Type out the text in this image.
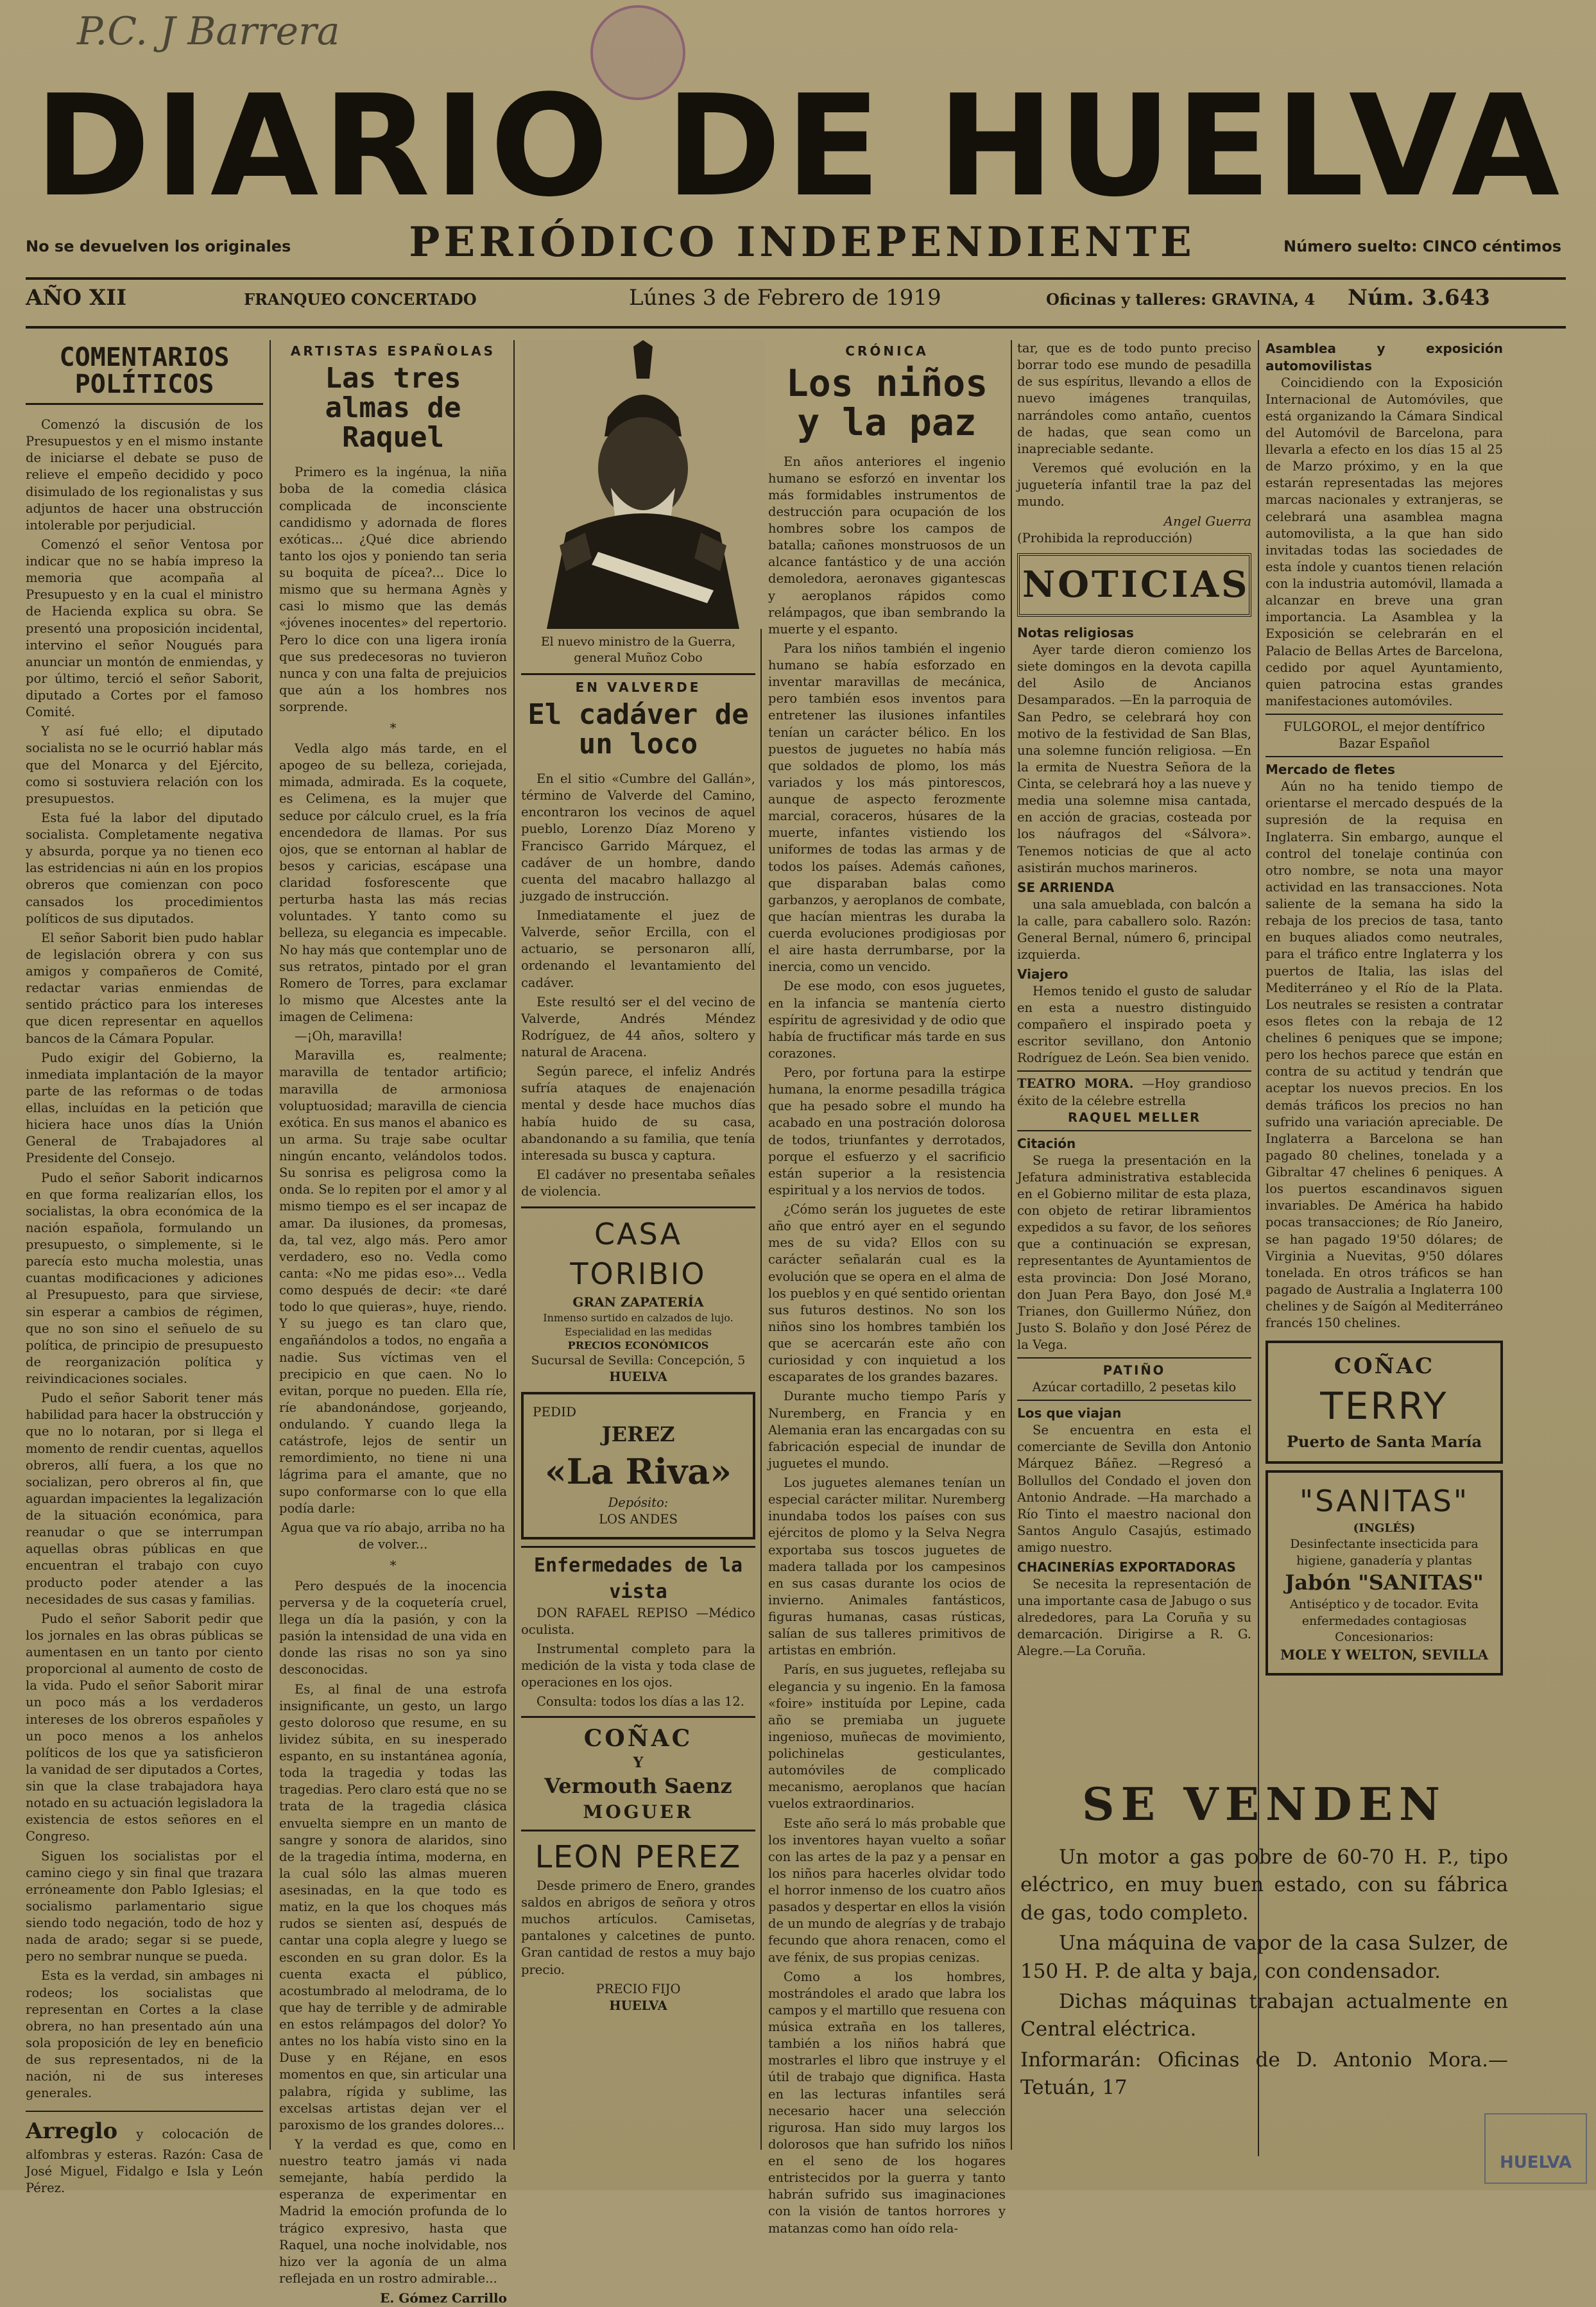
P.C. J Barrera
DIARIO DE HUELVA
No se devuelven los originales	PERIÓDICO INDEPENDIENTE	Número suelto: CINCO céntimos
AÑO XII	FRANQUEO CONCERTADO	Lúnes 3 de Febrero de 1919	Oficinas y talleres: GRAVINA, 4 Núm. 3.643
COMENTARIOS POLÍTICOS

Comenzó la discusión de los Presupuestos y en el mismo instante de iniciarse el debate se puso de relieve el empeño decidido y poco disimulado de los regionalistas y sus adjuntos de hacer una obstrucción intolerable por perjudicial.

Comenzó el señor Ventosa por indicar que no se había impreso la memoria que acompaña al Presupuesto y en la cual el ministro de Hacienda explica su obra. Se presentó una proposición incidental, intervino el señor Nougués para anunciar un montón de enmiendas, y por último, terció el señor Saborit, diputado a Cortes por el famoso Comité.

Y así fué ello; el diputado socialista no se le ocurrió hablar más que del Monarca y del Ejército, como si sostuviera relación con los presupuestos.

Esta fué la labor del diputado socialista. Completamente negativa y absurda, porque ya no tienen eco las estridencias ni aún en los propios obreros que comienzan con poco cansados los procedimientos políticos de sus diputados.

El señor Saborit bien pudo hablar de legislación obrera y con sus amigos y compañeros de Comité, redactar varias enmiendas de sentido práctico para los intereses que dicen representar en aquellos bancos de la Cámara Popular.

Pudo exigir del Gobierno, la inmediata implantación de la mayor parte de las reformas o de todas ellas, incluídas en la petición que hiciera hace unos días la Unión General de Trabajadores al Presidente del Consejo.

Pudo el señor Saborit indicarnos en que forma realizarían ellos, los socialistas, la obra económica de la nación española, formulando un presupuesto, o simplemente, si le parecía esto mucha molestia, unas cuantas modificaciones y adiciones al Presupuesto, para que sirviese, sin esperar a cambios de régimen, que no son sino el señuelo de su política, de principio de presupuesto de reorganización política y reivindicaciones sociales.

Pudo el señor Saborit tener más habilidad para hacer la obstrucción y que no lo notaran, por si llega el momento de rendir cuentas, aquellos obreros, allí fuera, a los que no socializan, pero obreros al fin, que aguardan impacientes la legalización de la situación económica, para reanudar o que se interrumpan aquellas obras públicas en que encuentran el trabajo con cuyo producto poder atender a las necesidades de sus casas y familias.

Pudo el señor Saborit pedir que los jornales en las obras públicas se aumentasen en un tanto por ciento proporcional al aumento de costo de la vida. Pudo el señor Saborit mirar un poco más a los verdaderos intereses de los obreros españoles y un poco menos a los anhelos políticos de los que ya satisficieron la vanidad de ser diputados a Cortes, sin que la clase trabajadora haya notado en su actuación legisladora la existencia de estos señores en el Congreso.

Siguen los socialistas por el camino ciego y sin final que trazara erróneamente don Pablo Iglesias; el socialismo parlamentario sigue siendo todo negación, todo de hoz y nada de arado; segar si se puede, pero no sembrar nunque se pueda.

Esta es la verdad, sin ambages ni rodeos; los socialistas que representan en Cortes a la clase obrera, no han presentado aún una sola proposición de ley en beneficio de sus representados, ni de la nación, ni de sus intereses generales.

Arreglo y colocación de alfombras y esteras. Razón: Casa de José Miguel, Fidalgo e Isla y León Pérez.
ARTISTAS ESPAÑOLAS
Las tres almas de Raquel

Primero es la ingénua, la niña boba de la comedia clásica complicada de inconsciente candidismo y adornada de flores exóticas... ¿Qué dice abriendo tanto los ojos y poniendo tan seria su boquita de pícea?... Dice lo mismo que su hermana Agnès y casi lo mismo que las demás «jóvenes inocentes» del repertorio. Pero lo dice con una ligera ironía que sus predecesoras no tuvieron nunca y con una falta de prejuicios que aún a los hombres nos sorprende.

*

Vedla algo más tarde, en el apogeo de su belleza, coriejada, mimada, admirada. Es la coquete, es Celimena, es la mujer que seduce por cálculo cruel, es la fría encendedora de llamas. Por sus ojos, que se entornan al hablar de besos y caricias, escápase una claridad fosforescente que perturba hasta las más recias voluntades. Y tanto como su belleza, su elegancia es impecable. No hay más que contemplar uno de sus retratos, pintado por el gran Romero de Torres, para exclamar lo mismo que Alcestes ante la imagen de Celimena:

—¡Oh, maravilla!

Maravilla es, realmente; maravilla de tentador artificio; maravilla de armoniosa voluptuosidad; maravilla de ciencia exótica. En sus manos el abanico es un arma. Su traje sabe ocultar ningún encanto, velándolos todos. Su sonrisa es peligrosa como la onda. Se lo repiten por el amor y al mismo tiempo es el ser incapaz de amar. Da ilusiones, da promesas, da, tal vez, algo más. Pero amor verdadero, eso no. Vedla como canta: «No me pidas eso»... Vedla como después de decir: «te daré todo lo que quieras», huye, riendo. Y su juego es tan claro que, engañándolos a todos, no engaña a nadie. Sus víctimas ven el precipicio en que caen. No lo evitan, porque no pueden. Ella ríe, ríe abandonándose, gorjeando, ondulando. Y cuando llega la catástrofe, lejos de sentir un remordimiento, no tiene ni una lágrima para el amante, que no supo conformarse con lo que ella podía darle:

Agua que va río abajo, arriba no ha de volver...

*

Pero después de la inocencia perversa y de la coquetería cruel, llega un día la pasión, y con la pasión la intensidad de una vida en donde las risas no son ya sino desconocidas.

Es, al final de una estrofa insignificante, un gesto, un largo gesto doloroso que resume, en su lividez súbita, en su inesperado espanto, en su instantánea agonía, toda la tragedia y todas las tragedias. Pero claro está que no se trata de la tragedia clásica envuelta siempre en un manto de sangre y sonora de alaridos, sino de la tragedia íntima, moderna, en la cual sólo las almas mueren asesinadas, en la que todo es matiz, en la que los choques más rudos se sienten así, después de cantar una copla alegre y luego se esconden en su gran dolor. Es la cuenta exacta el público, acostumbrado al melodrama, de lo que hay de terrible y de admirable en estos relámpagos del dolor? Yo antes no los había visto sino en la Duse y en Réjane, en esos momentos en que, sin articular una palabra, rígida y sublime, las excelsas artistas dejan ver el paroxismo de los grandes dolores...

Y la verdad es que, como en nuestro teatro jamás vi nada semejante, había perdido la esperanza de experimentar en Madrid la emoción profunda de lo trágico expresivo, hasta que Raquel, una noche inolvidable, nos hizo ver la agonía de un alma reflejada en un rostro admirable...

E. Gómez Carrillo
El nuevo ministro de la Guerra, general Muñoz Cobo
EN VALVERDE
El cadáver de un loco

En el sitio «Cumbre del Gallán», término de Valverde del Camino, encontraron los vecinos de aquel pueblo, Lorenzo Díaz Moreno y Francisco Garrido Márquez, el cadáver de un hombre, dando cuenta del macabro hallazgo al juzgado de instrucción.

Inmediatamente el juez de Valverde, señor Ercilla, con el actuario, se personaron allí, ordenando el levantamiento del cadáver.

Este resultó ser el del vecino de Valverde, Andrés Méndez Rodríguez, de 44 años, soltero y natural de Aracena.

Según parece, el infeliz Andrés sufría ataques de enajenación mental y desde hace muchos días había huido de su casa, abandonando a su familia, que tenía interesada su busca y captura.

El cadáver no presentaba señales de violencia.

CASA TORIBIO
GRAN ZAPATERÍA
Inmenso surtido en calzados de lujo. Especialidad en las medidas
PRECIOS ECONÓMICOS
Sucursal de Sevilla: Concepción, 5
HUELVA
PEDID
JEREZ
«La Riva»
Depósito:
LOS ANDES
Enfermedades de la vista

DON RAFAEL REPISO —Médico oculista.

Instrumental completo para la medición de la vista y toda clase de operaciones en los ojos.

Consulta: todos los días a las 12.

COÑAC
Y
Vermouth Saenz
MOGUER
LEON PEREZ

Desde primero de Enero, grandes saldos en abrigos de señora y otros muchos artículos. Camisetas, pantalones y calcetines de punto. Gran cantidad de restos a muy bajo precio.

PRECIO FIJO
HUELVA
CRÓNICA
Los niños y la paz

En años anteriores el ingenio humano se esforzó en inventar los más formidables instrumentos de destrucción para ocupación de los hombres sobre los campos de batalla; cañones monstruosos de un alcance fantástico y de una acción demoledora, aeronaves gigantescas y aeroplanos rápidos como relámpagos, que iban sembrando la muerte y el espanto.

Para los niños también el ingenio humano se había esforzado en inventar maravillas de mecánica, pero también esos inventos para entretener las ilusiones infantiles tenían un carácter bélico. En los puestos de juguetes no había más que soldados de plomo, los más variados y los más pintorescos, aunque de aspecto ferozmente marcial, coraceros, húsares de la muerte, infantes vistiendo los uniformes de todas las armas y de todos los países. Además cañones, que disparaban balas como garbanzos, y aeroplanos de combate, que hacían mientras les duraba la cuerda evoluciones prodigiosas por el aire hasta derrumbarse, por la inercia, como un vencido.

De ese modo, con esos juguetes, en la infancia se mantenía cierto espíritu de agresividad y de odio que había de fructificar más tarde en sus corazones.

Pero, por fortuna para la estirpe humana, la enorme pesadilla trágica que ha pesado sobre el mundo ha acabado en una postración dolorosa de todos, triunfantes y derrotados, porque el esfuerzo y el sacrificio están superior a la resistencia espiritual y a los nervios de todos.

¿Cómo serán los juguetes de este año que entró ayer en el segundo mes de su vida? Ellos con su carácter señalarán cual es la evolución que se opera en el alma de los pueblos y en qué sentido orientan sus futuros destinos. No son los niños sino los hombres también los que se acercarán este año con curiosidad y con inquietud a los escaparates de los grandes bazares.

Durante mucho tiempo París y Nuremberg, en Francia y en Alemania eran las encargadas con su fabricación especial de inundar de juguetes el mundo.

Los juguetes alemanes tenían un especial carácter militar. Nuremberg inundaba todos los países con sus ejércitos de plomo y la Selva Negra exportaba sus toscos juguetes de madera tallada por los campesinos en sus casas durante los ocios de invierno. Animales fantásticos, figuras humanas, casas rústicas, salían de sus talleres primitivos de artistas en embrión.

París, en sus juguetes, reflejaba su elegancia y su ingenio. En la famosa «foire» instituída por Lepine, cada año se premiaba un juguete ingenioso, muñecas de movimiento, polichinelas gesticulantes, automóviles de complicado mecanismo, aeroplanos que hacían vuelos extraordinarios.

Este año será lo más probable que los inventores hayan vuelto a soñar con las artes de la paz y a pensar en los niños para hacerles olvidar todo el horror inmenso de los cuatro años pasados y despertar en ellos la visión de un mundo de alegrías y de trabajo fecundo que ahora renacen, como el ave fénix, de sus propias cenizas.

Como a los hombres, mostrándoles el arado que labra los campos y el martillo que resuena con música extraña en los talleres, también a los niños habrá que mostrarles el libro que instruye y el útil de trabajo que dignifica. Hasta en las lecturas infantiles será necesario hacer una selección rigurosa. Han sido muy largos los dolorosos que han sufrido los niños en el seno de los hogares entristecidos por la guerra y tanto habrán sufrido sus imaginaciones con la visión de tantos horrores y matanzas como han oído rela-

tar, que es de todo punto preciso borrar todo ese mundo de pesadilla de sus espíritus, llevando a ellos de nuevo imágenes tranquilas, narrándoles como antaño, cuentos de hadas, que sean como un inapreciable sedante.

Veremos qué evolución en la juguetería infantil trae la paz del mundo.

Angel Guerra
(Prohibida la reproducción)
NOTICIAS
Notas religiosas

Ayer tarde dieron comienzo los siete domingos en la devota capilla del Asilo de Ancianos Desamparados. —En la parroquia de San Pedro, se celebrará hoy con motivo de la festividad de San Blas, una solemne función religiosa. —En la ermita de Nuestra Señora de la Cinta, se celebrará hoy a las nueve y media una solemne misa cantada, en acción de gracias, costeada por los náufragos del «Sálvora». Tenemos noticias de que al acto asistirán muchos marineros.

SE ARRIENDA

una sala amueblada, con balcón a la calle, para caballero solo. Razón: General Bernal, número 6, principal izquierda.

Viajero

Hemos tenido el gusto de saludar en esta a nuestro distinguido compañero el inspirado poeta y escritor sevillano, don Antonio Rodríguez de León. Sea bien venido.

TEATRO MORA. —Hoy grandioso éxito de la célebre estrella
RAQUEL MELLER
Citación

Se ruega la presentación en la Jefatura administrativa establecida en el Gobierno militar de esta plaza, con objeto de retirar libramientos expedidos a su favor, de los señores que a continuación se expresan, representantes de Ayuntamientos de esta provincia: Don José Morano, don Juan Pera Bayo, don José M.ª Trianes, don Guillermo Núñez, don Justo S. Bolaño y don José Pérez de la Vega.

PATIÑO
Azúcar cortadillo, 2 pesetas kilo
Los que viajan

Se encuentra en esta el comerciante de Sevilla don Antonio Márquez Báñez. —Regresó a Bollullos del Condado el joven don Antonio Andrade. —Ha marchado a Río Tinto el maestro nacional don Santos Angulo Casajús, estimado amigo nuestro.

CHACINERÍAS EXPORTADORAS

Se necesita la representación de una importante casa de Jabugo o sus alrededores, para La Coruña y su demarcación. Dirigirse a R. G. Alegre.—La Coruña.

Asamblea y exposición automovilistas

Coincidiendo con la Exposición Internacional de Automóviles, que está organizando la Cámara Sindical del Automóvil de Barcelona, para llevarla a efecto en los días 15 al 25 de Marzo próximo, y en la que estarán representadas las mejores marcas nacionales y extranjeras, se celebrará una asamblea magna automovilista, a la que han sido invitadas todas las sociedades de esta índole y cuantos tienen relación con la industria automóvil, llamada a alcanzar en breve una gran importancia. La Asamblea y la Exposición se celebrarán en el Palacio de Bellas Artes de Barcelona, cedido por aquel Ayuntamiento, quien patrocina estas grandes manifestaciones automóviles.

FULGOROL, el mejor dentífrico
Bazar Español
Mercado de fletes

Aún no ha tenido tiempo de orientarse el mercado después de la supresión de la requisa en Inglaterra. Sin embargo, aunque el control del tonelaje continúa con otro nombre, se nota una mayor actividad en las transacciones. Nota saliente de la semana ha sido la rebaja de los precios de tasa, tanto en buques aliados como neutrales, para el tráfico entre Inglaterra y los puertos de Italia, las islas del Mediterráneo y el Río de la Plata. Los neutrales se resisten a contratar esos fletes con la rebaja de 12 chelines 6 peniques que se impone; pero los hechos parece que están en contra de su actitud y tendrán que aceptar los nuevos precios. En los demás tráficos los precios no han sufrido una variación apreciable. De Inglaterra a Barcelona se han pagado 80 chelines, tonelada y a Gibraltar 47 chelines 6 peniques. A los puertos escandinavos siguen invariables. De América ha habido pocas transacciones; de Río Janeiro, se han pagado 19'50 dólares; de Virginia a Nuevitas, 9'50 dólares tonelada. En otros tráficos se han pagado de Australia a Inglaterra 100 chelines y de Saígón al Mediterráneo francés 150 chelines.

COÑAC
TERRY
Puerto de Santa María
"SANITAS"
(INGLÉS)
Desinfectante insecticida para higiene, ganadería y plantas
Jabón "SANITAS"
Antiséptico y de tocador. Evita enfermedades contagiosas
Concesionarios:
MOLE Y WELTON, SEVILLA
SE VENDEN

Un motor a gas pobre de 60-70 H. P., tipo eléctrico, en muy buen estado, con su fábrica de gas, todo completo.

Una máquina de vapor de la casa Sulzer, de 150 H. P. de alta y baja, con condensador.

Dichas máquinas trabajan actualmente en Central eléctrica.

Informarán: Oficinas de D. Antonio Mora.—Tetuán, 17

HUELVA
